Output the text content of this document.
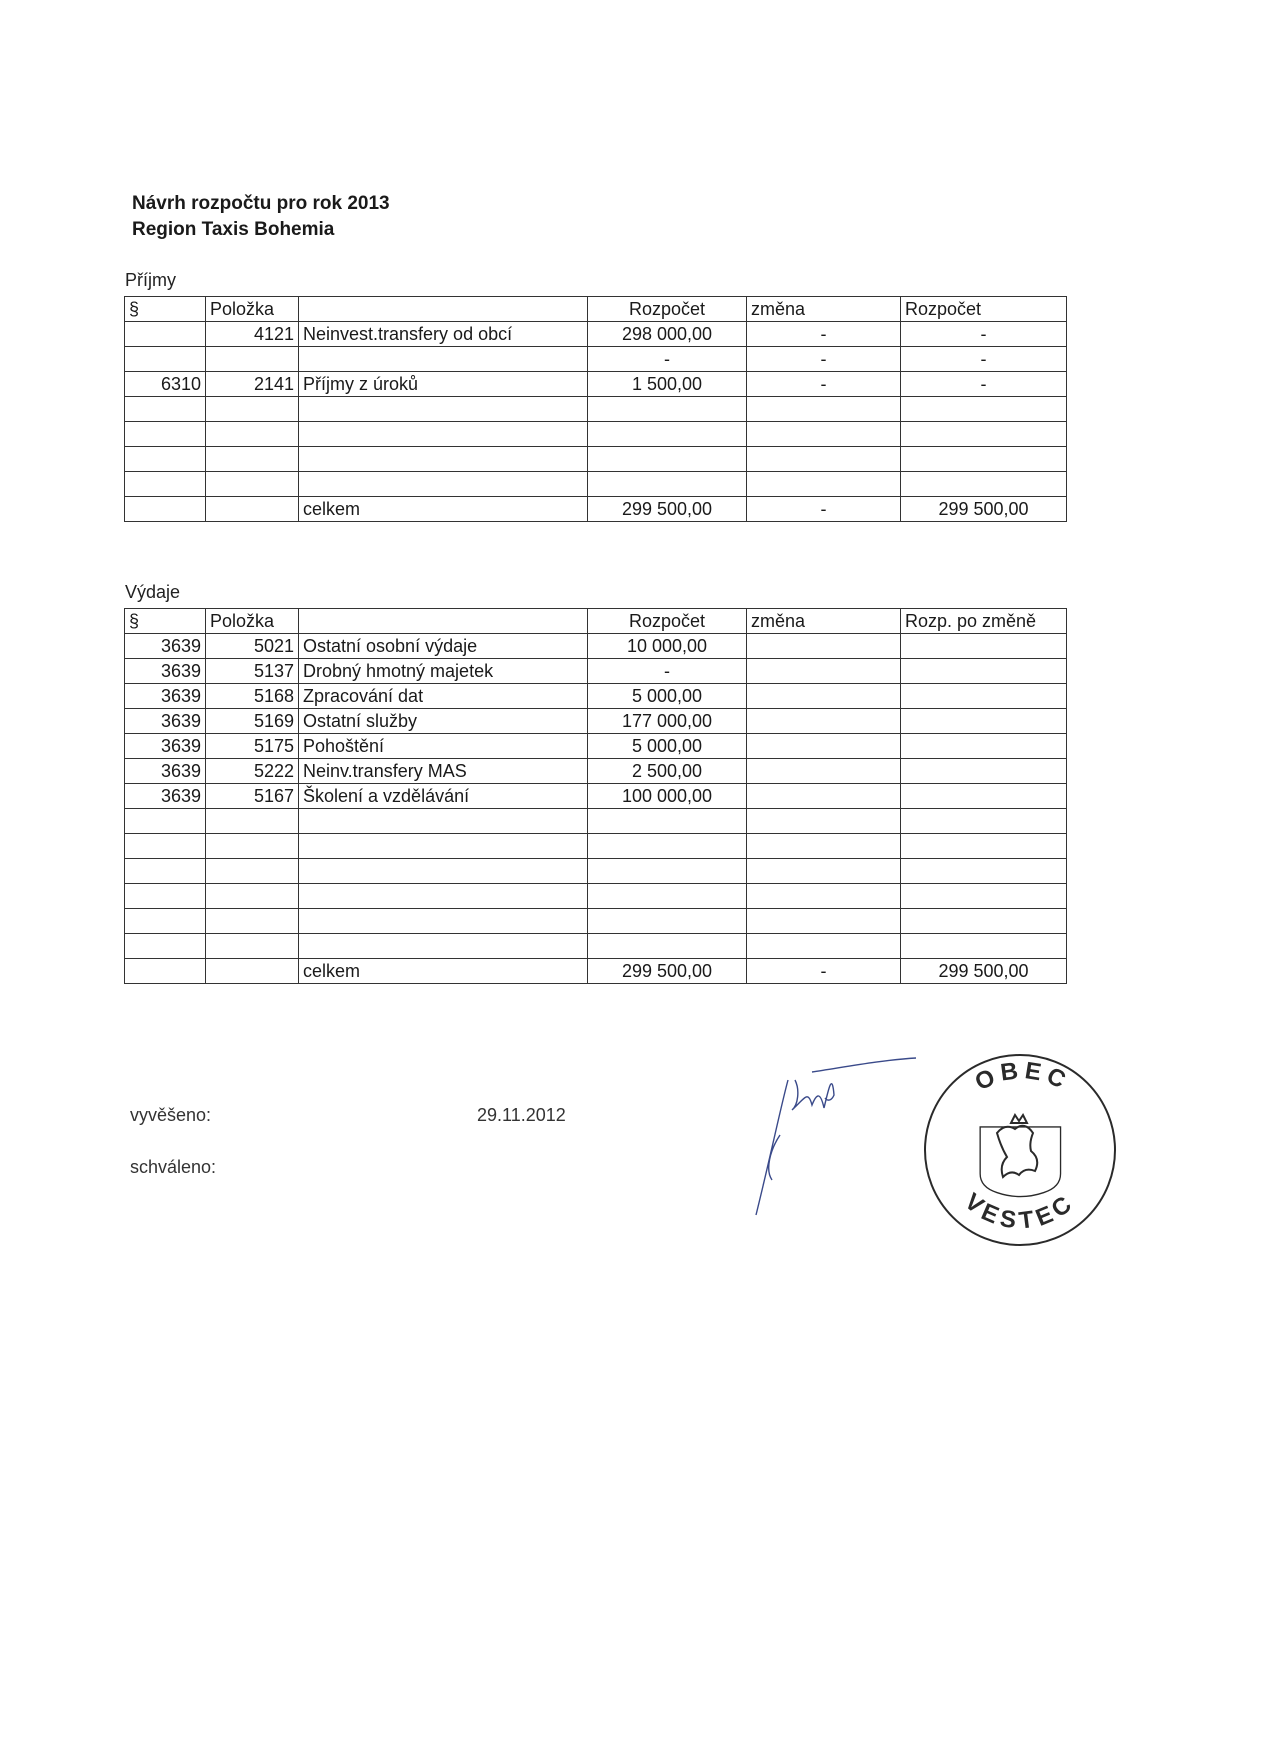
Návrh rozpočtu pro rok 2013
Region Taxis Bohemia
Příjmy
§	Položka		Rozpočet	změna	Rozpočet
	4121	Neinvest.transfery od obcí	298 000,00	-	-
			-	-	-
6310	2141	Příjmy z úroků	1 500,00	-	-

		celkem	299 500,00	-	299 500,00
Výdaje
§	Položka		Rozpočet	změna	Rozp. po změně
3639	5021	Ostatní osobní výdaje	10 000,00		
3639	5137	Drobný hmotný majetek	-		
3639	5168	Zpracování dat	5 000,00		
3639	5169	Ostatní služby	177 000,00		
3639	5175	Pohoštění	5 000,00		
3639	5222	Neinv.transfery MAS	2 500,00		
3639	5167	Školení a vzdělávání	100 000,00		

		celkem	299 500,00	-	299 500,00
vyvěšeno:	29.11.2012
schváleno:
OBEC
VESTEC
